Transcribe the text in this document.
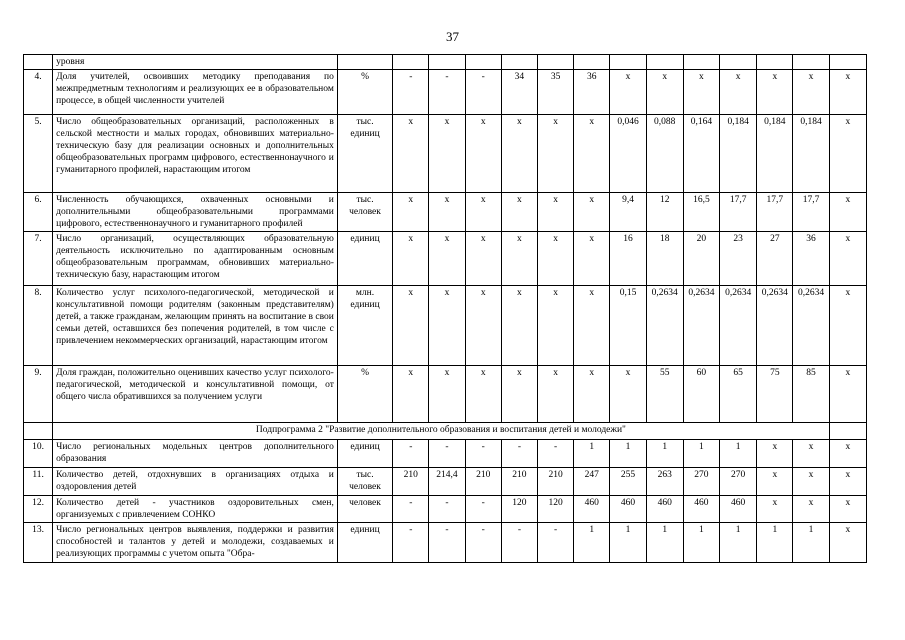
37
	уровня														
4.	Доля учителей, освоивших методику преподавания по межпредметным технологиям и реализующих ее в образовательном процессе, в общей численности учителей	%	-	-	-	34	35	36	х	х	х	х	х	х	х
5.	Число общеобразовательных организаций, расположенных в сельской местности и малых городах, обновивших материально-техническую базу для реализации основных и дополнительных общеобразовательных программ цифрового, естественнонаучного и гуманитарного профилей, нарастающим итогом	тыс. единиц	х	х	х	х	х	х	0,046	0,088	0,164	0,184	0,184	0,184	х
6.	Численность обучающихся, охваченных основными и дополнительными общеобразовательными программами цифрового, естественнонаучного и гуманитарного профилей	тыс. человек	х	х	х	х	х	х	9,4	12	16,5	17,7	17,7	17,7	х
7.	Число организаций, осуществляющих образовательную деятельность исключительно по адаптированным основным общеобразовательным программам, обновивших материально-техническую базу, нарастающим итогом	единиц	х	х	х	х	х	х	16	18	20	23	27	36	х
8.	Количество услуг психолого-педагогической, методической и консультативной помощи родителям (законным представителям) детей, а также гражданам, желающим принять на воспитание в свои семьи детей, оставшихся без попечения родителей, в том числе с привлечением некоммерческих организаций, нарастающим итогом	млн. единиц	х	х	х	х	х	х	0,15	0,2634	0,2634	0,2634	0,2634	0,2634	х
9.	Доля граждан, положительно оценивших качество услуг психолого-педагогической, методической и консультативной помощи, от общего числа обратившихся за получением услуги	%	х	х	х	х	х	х	х	55	60	65	75	85	х
	Подпрограмма 2 "Развитие дополнительного образования и воспитания детей и молодежи"														
10.	Число региональных модельных центров дополнительного образования	единиц	-	-	-	-	-	1	1	1	1	1	х	х	х
11.	Количество детей, отдохнувших в организациях отдыха и оздоровления детей	тыс. человек	210	214,4	210	210	210	247	255	263	270	270	х	х	х
12.	Количество детей - участников оздоровительных смен, организуемых с привлечением СОНКО	человек	-	-	-	120	120	460	460	460	460	460	х	х	х
13.	Число региональных центров выявления, поддержки и развития способностей и талантов у детей и молодежи, создаваемых и реализующих программы с учетом опыта "Обра-	единиц	-	-	-	-	-	1	1	1	1	1	1	1	х
